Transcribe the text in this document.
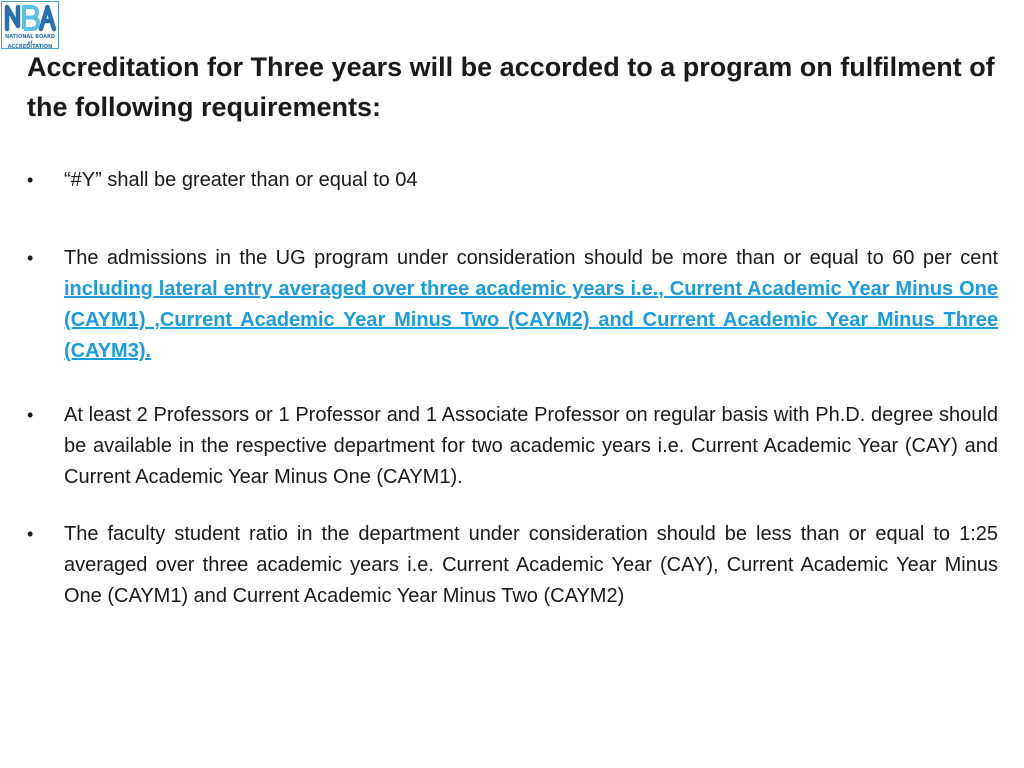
NATIONAL BOARD
of
ACCREDITATION
Accreditation for Three years will be accorded to a program on fulfilment of the following requirements:
•	“#Y” shall be greater than or equal to 04
•	The admissions in the UG program under consideration should be more than or equal to 60 per cent including lateral entry averaged over three academic years i.e., Current Academic Year Minus One (CAYM1) ,Current Academic Year Minus Two (CAYM2) and Current Academic Year Minus Three (CAYM3).
•	At least 2 Professors or 1 Professor and 1 Associate Professor on regular basis with Ph.D. degree should be available in the respective department for two academic years i.e. Current Academic Year (CAY) and Current Academic Year Minus One (CAYM1).
•	The faculty student ratio in the department under consideration should be less than or equal to 1:25 averaged over three academic years i.e. Current Academic Year (CAY), Current Academic Year Minus One (CAYM1) and Current Academic Year Minus Two (CAYM2)
